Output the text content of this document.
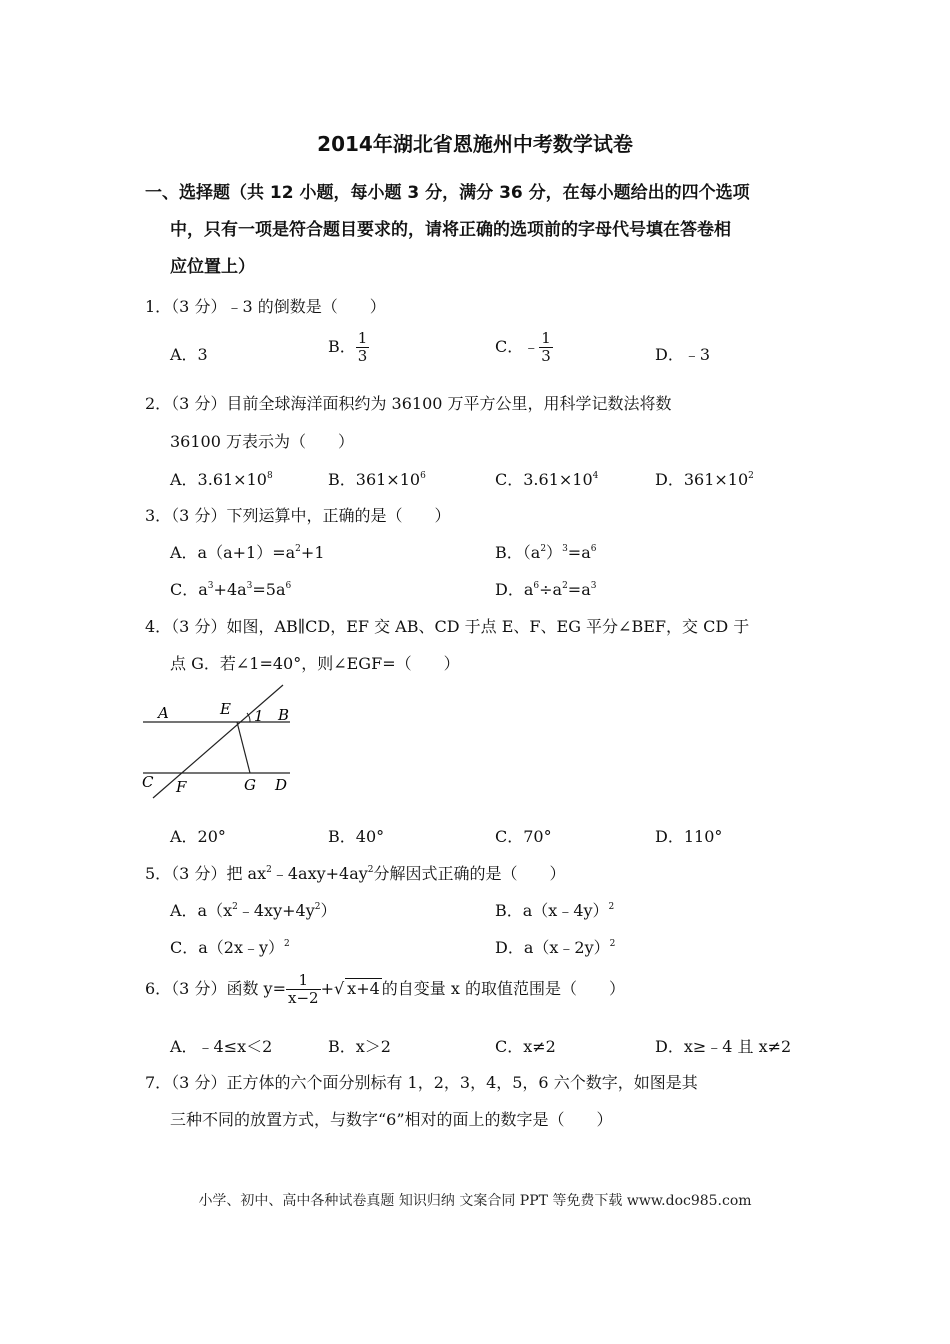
2014年湖北省恩施州中考数学试卷
一、选择题（共 12 小题，每小题 3 分，满分 36 分，在每小题给出的四个选项
中，只有一项是符合题目要求的，请将正确的选项前的字母代号填在答卷相
应位置上）
1．（3 分）﹣3 的倒数是（　　）
A．3	B． $\frac{1}{3}$	C．﹣ $\frac{1}{3}$	D．﹣3
2．（3 分）目前全球海洋面积约为 36100 万平方公里，用科学记数法将数
36100 万表示为（　　）
A．$3.61\times 10^8$	B．$361\times 10^6$	C．$3.61\times 10^4$	D．$361\times 10^2$
3．（3 分）下列运算中，正确的是（　　）
A．$a(a+1)=a^2+1$	B．$(a^2)^3=a^6$
C．$a^3+4a^3=5a^6$	D．$a^6\div a^2=a^3$
4．（3 分）如图，AB∥CD，EF 交 AB、CD 于点 E、F、EG 平分∠BEF，交 CD 于
点 G．若∠1=40°，则∠EGF=（　　）
A	E 1 B
C F	G D
A．20°	B．40°	C．70°	D．110°
5．（3 分）把 $ax^2﹣4axy+4ay^2$分解因式正确的是（　　）
A．$a(x^2﹣4xy+4y^2)$	B．a（x﹣4y）$^2$
C．a（2x﹣y）$^2$	D．a（x﹣2y）$^2$
6．（3 分）函数 $y= \frac{1}{x-2}$ +√ x+4 的自变量 x 的取值范围是（　　）
A．﹣4≤x＜2	B．x＞2	C．x≠2	D．x≥﹣4 且 x≠2
7．（3 分）正方体的六个面分别标有 1，2，3，4，5，6 六个数字，如图是其
三种不同的放置方式，与数字“6”相对的面上的数字是（　　）
小学、初中、高中各种试卷真题 知识归纳 文案合同 PPT 等免费下载 www.doc985.com
